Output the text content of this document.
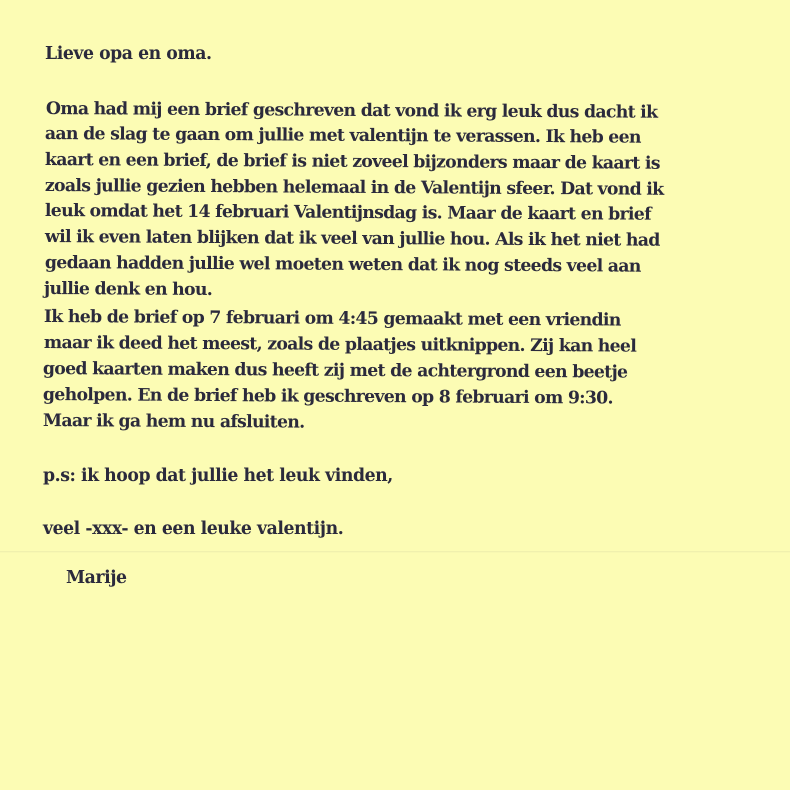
Lieve opa en oma.
Oma had mij een brief geschreven dat vond ik erg leuk dus dacht ik
aan de slag te gaan om jullie met valentijn te verassen. Ik heb een
kaart en een brief, de brief is niet zoveel bijzonders maar de kaart is
zoals jullie gezien hebben helemaal in de Valentijn sfeer. Dat vond ik
leuk omdat het 14 februari Valentijnsdag is. Maar de kaart en brief
wil ik even laten blijken dat ik veel van jullie hou. Als ik het niet had
gedaan hadden jullie wel moeten weten dat ik nog steeds veel aan
jullie denk en hou.
Ik heb de brief op 7 februari om 4:45 gemaakt met een vriendin
maar ik deed het meest, zoals de plaatjes uitknippen. Zij kan heel
goed kaarten maken dus heeft zij met de achtergrond een beetje
geholpen. En de brief heb ik geschreven op 8 februari om 9:30.
Maar ik ga hem nu afsluiten.
p.s: ik hoop dat jullie het leuk vinden,
veel -xxx- en een leuke valentijn.
Marije
